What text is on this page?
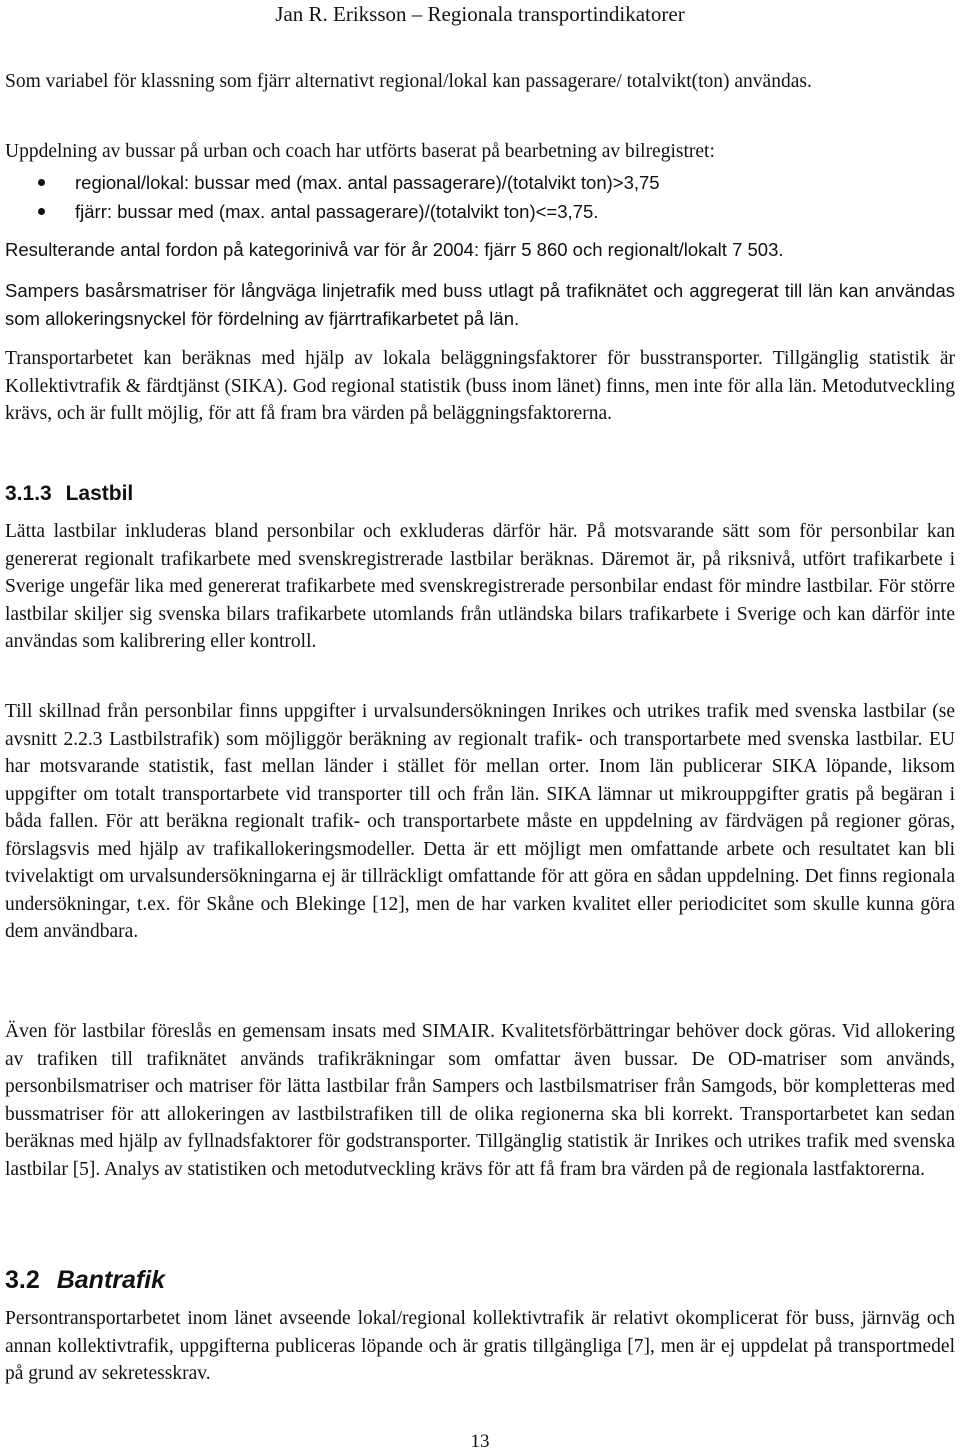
Jan R. Eriksson – Regionala transportindikatorer

Som variabel för klassning som fjärr alternativt regional/lokal kan passagerare/ totalvikt(ton) användas.

Uppdelning av bussar på urban och coach har utförts baserat på bearbetning av bilregistret:

regional/lokal: bussar med (max. antal passagerare)/(totalvikt ton)>3,75
fjärr: bussar med (max. antal passagerare)/(totalvikt ton)<=3,75.

Resulterande antal fordon på kategorinivå var för år 2004: fjärr 5 860 och regionalt/lokalt 7 503.

Sampers basårsmatriser för långväga linjetrafik med buss utlagt på trafiknätet och aggregerat till län kan användas som allokeringsnyckel för fördelning av fjärrtrafikarbetet på län.

Transportarbetet kan beräknas med hjälp av lokala beläggningsfaktorer för busstransporter. Tillgänglig statistik är Kollektivtrafik & färdtjänst (SIKA). God regional statistik (buss inom länet) finns, men inte för alla län. Metodutveckling krävs, och är fullt möjlig, för att få fram bra värden på beläggningsfaktorerna.

3.1.3 Lastbil

Lätta lastbilar inkluderas bland personbilar och exkluderas därför här. På motsvarande sätt som för personbilar kan genererat regionalt trafikarbete med svenskregistrerade lastbilar beräknas. Däremot är, på riksnivå, utfört trafikarbete i Sverige ungefär lika med genererat trafikarbete med svenskregistrerade personbilar endast för mindre lastbilar. För större lastbilar skiljer sig svenska bilars trafikarbete utomlands från utländska bilars trafikarbete i Sverige och kan därför inte användas som kalibrering eller kontroll.

Till skillnad från personbilar finns uppgifter i urvalsundersökningen Inrikes och utrikes trafik med svenska lastbilar (se avsnitt 2.2.3 Lastbilstrafik) som möjliggör beräkning av regionalt trafik- och transportarbete med svenska lastbilar. EU har motsvarande statistik, fast mellan länder i stället för mellan orter. Inom län publicerar SIKA löpande, liksom uppgifter om totalt transportarbete vid transporter till och från län. SIKA lämnar ut mikrouppgifter gratis på begäran i båda fallen. För att beräkna regionalt trafik- och transportarbete måste en uppdelning av färdvägen på regioner göras, förslagsvis med hjälp av trafikallokeringsmodeller. Detta är ett möjligt men omfattande arbete och resultatet kan bli tvivelaktigt om urvalsundersökningarna ej är tillräckligt omfattande för att göra en sådan uppdelning. Det finns regionala undersökningar, t.ex. för Skåne och Blekinge [12], men de har varken kvalitet eller periodicitet som skulle kunna göra dem användbara.

Även för lastbilar föreslås en gemensam insats med SIMAIR. Kvalitetsförbättringar behöver dock göras. Vid allokering av trafiken till trafiknätet används trafikräkningar som omfattar även bussar. De OD-matriser som används, personbilsmatriser och matriser för lätta lastbilar från Sampers och lastbilsmatriser från Samgods, bör kompletteras med bussmatriser för att allokeringen av lastbilstrafiken till de olika regionerna ska bli korrekt. Transportarbetet kan sedan beräknas med hjälp av fyllnadsfaktorer för godstransporter. Tillgänglig statistik är Inrikes och utrikes trafik med svenska lastbilar [5]. Analys av statistiken och metodutveckling krävs för att få fram bra värden på de regionala lastfaktorerna.

3.2 Bantrafik

Persontransportarbetet inom länet avseende lokal/regional kollektivtrafik är relativt okomplicerat för buss, järnväg och annan kollektivtrafik, uppgifterna publiceras löpande och är gratis tillgängliga [7], men är ej uppdelat på transportmedel på grund av sekretesskrav.

13
